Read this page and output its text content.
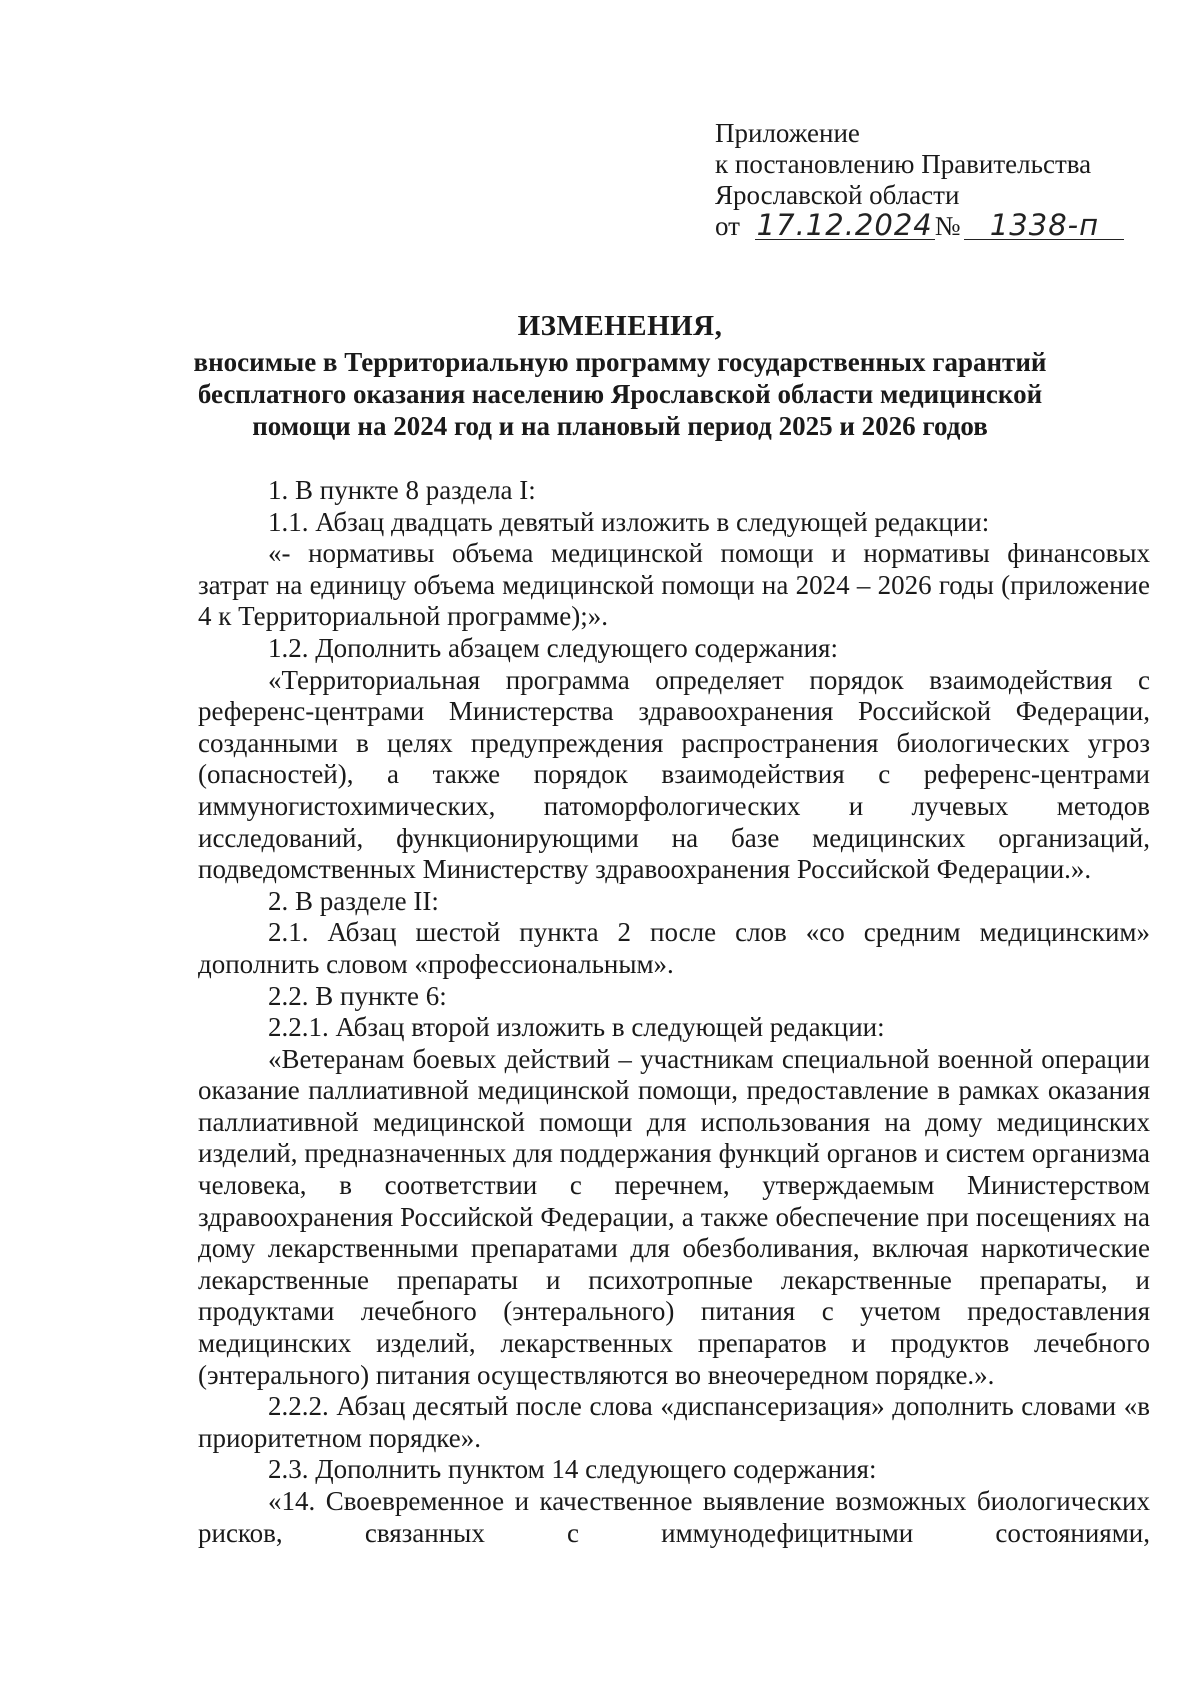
Приложение
к постановлению Правительства
Ярославской области
от 17.12.2024№ 1338-п
ИЗМЕНЕНИЯ,
вносимые в Территориальную программу государственных гарантий
бесплатного оказания населению Ярославской области медицинской
помощи на 2024 год и на плановый период 2025 и 2026 годов

1. В пункте 8 раздела I:

1.1. Абзац двадцать девятый изложить в следующей редакции:

«- нормативы объема медицинской помощи и нормативы финансовых затрат на единицу объема медицинской помощи на 2024 – 2026 годы (приложение 4 к Территориальной программе);».

1.2. Дополнить абзацем следующего содержания:

«Территориальная программа определяет порядок взаимодействия с референс-центрами Министерства здравоохранения Российской Федерации, созданными в целях предупреждения распространения биологических угроз (опасностей), а также порядок взаимодействия с референс-центрами иммуногистохимических, патоморфологических и лучевых методов исследований, функционирующими на базе медицинских организаций, подведомственных Министерству здравоохранения Российской Федерации.».

2. В разделе II:

2.1. Абзац шестой пункта 2 после слов «со средним медицинским» дополнить словом «профессиональным».

2.2. В пункте 6:

2.2.1. Абзац второй изложить в следующей редакции:

«Ветеранам боевых действий – участникам специальной военной операции оказание паллиативной медицинской помощи, предоставление в рамках оказания паллиативной медицинской помощи для использования на дому медицинских изделий, предназначенных для поддержания функций органов и систем организма человека, в соответствии с перечнем, утверждаемым Министерством здравоохранения Российской Федерации, а также обеспечение при посещениях на дому лекарственными препаратами для обезболивания, включая наркотические лекарственные препараты и психотропные лекарственные препараты, и продуктами лечебного (энтерального) питания с учетом предоставления медицинских изделий, лекарственных препаратов и продуктов лечебного (энтерального) питания осуществляются во внеочередном порядке.».

2.2.2. Абзац десятый после слова «диспансеризация» дополнить словами «в приоритетном порядке».

2.3. Дополнить пунктом 14 следующего содержания:

«14. Своевременное и качественное выявление возможных биологических рисков, связанных с иммунодефицитными состояниями,
